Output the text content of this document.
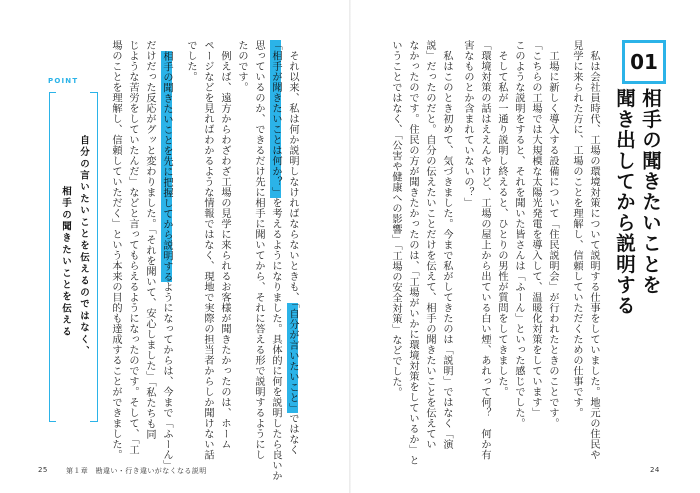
01
相手の聞きたいことを
聞き出してから説明する
　私は会社員時代、工場の環境対策について説明する仕事をしていました。地元の住民や
見学に来られた方に、工場のことを理解し、信頼していただくための仕事です。
　工場に新しく導入する設備について「住民説明会」が行われたときのことです。
「こちらの工場では大規模な太陽光発電を導入して、温暖化対策をしています」
このような説明をすると、それを聞いた皆さんは「ふーん」といった感じでした。
　そして私が一通り説明し終えると、ひとりの男性が質問をしてきました。
「環境対策の話はええんやけど、工場の屋上から出ている白い煙、あれって何？　何か有
害なものとか含まれていないの？」
　私はこのとき初めて、気づきました。今まで私がしてきたのは「説明」ではなく「演
説」だったのだと。自分の伝えたいことだけを伝えて、相手の聞きたいことを伝えてい
なかったのです。住民の方が聞きたかったのは、「工場がいかに環境対策をしているか」と
いうことではなく、「公害や健康への影響」「工場の安全対策」などでした。
　それ以来、私は何か説明しなければならないときも、「自分が言いたいこと」ではなく
「相手が聞きたいことは何か？」を考えるようになりました。具体的に何を説明したら良いか
思っているのか、できるだけ先に相手に聞いてから、それに答える形で説明するようにし
たのです。
　例えば、遠方からわざわざ工場の見学に来られるお客様が聞きたかったのは、ホーム
ページなどを見ればわかるような情報ではなく、現地で実際の担当者からしか聞けない話
でした。
　相手の聞きたいことを先に把握してから説明するようになってからは、今まで「ふーん」
だけだった反応がグッと変わりました。「それを聞いて、安心しました」「私たちも同
じような苦労をしていたんだ」などと言ってもらえるようになったのです。そして、「工
場のことを理解し、信頼していただく」という本来の目的も達成することができました。
POINT
自分の言いたいことを伝えるのではなく、
相手の聞きたいことを伝える
25	第１章　勘違い・行き違いがなくなる説明	24
